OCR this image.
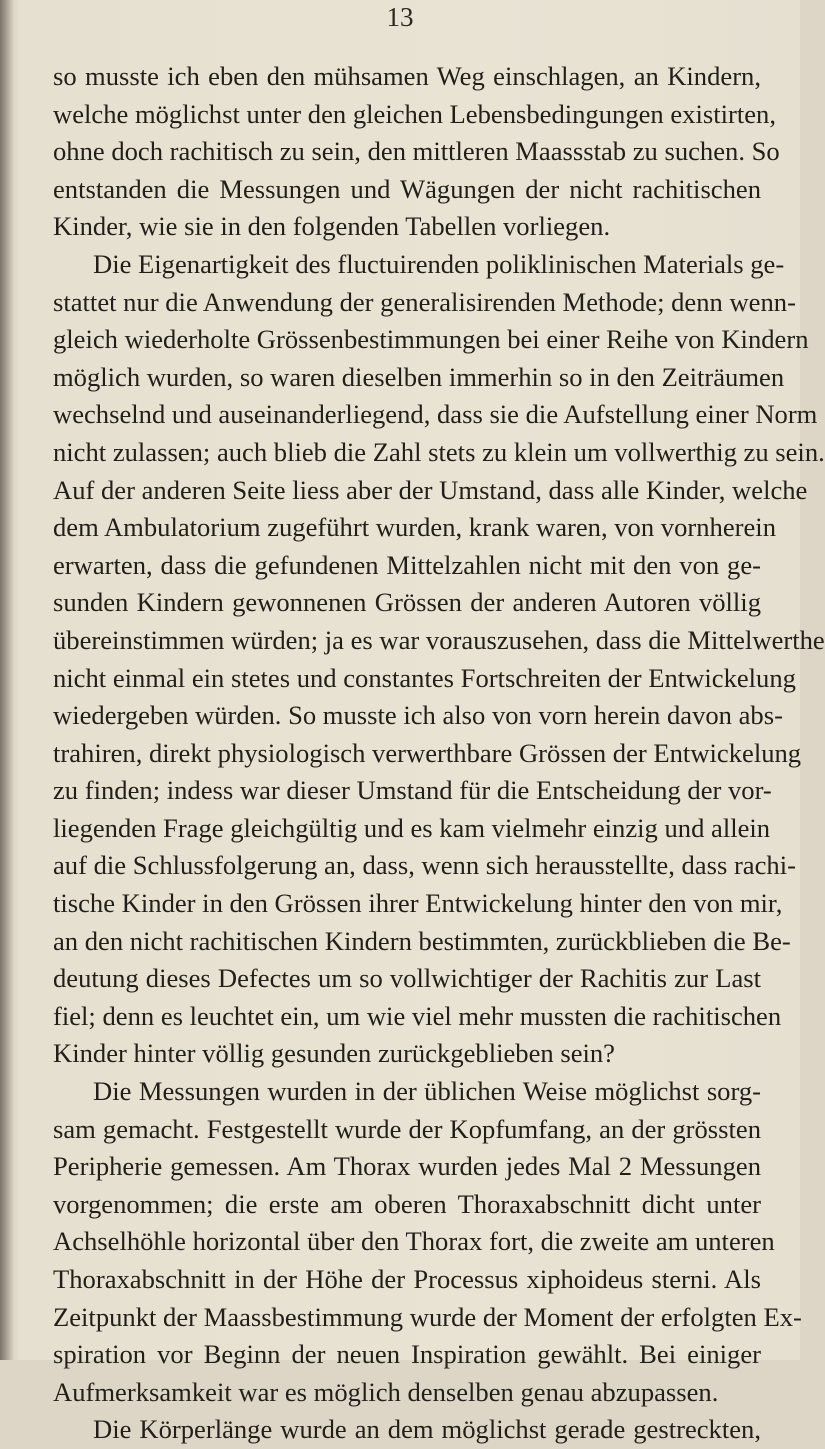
13
so musste ich eben den mühsamen Weg einschlagen, an Kindern,
welche möglichst unter den gleichen Lebensbedingungen existirten,
ohne doch rachitisch zu sein, den mittleren Maassstab zu suchen. So
entstanden die Messungen und Wägungen der nicht rachitischen
Kinder, wie sie in den folgenden Tabellen vorliegen.
Die Eigenartigkeit des fluctuirenden poliklinischen Materials ge-
stattet nur die Anwendung der generalisirenden Methode; denn wenn-
gleich wiederholte Grössenbestimmungen bei einer Reihe von Kindern
möglich wurden, so waren dieselben immerhin so in den Zeiträumen
wechselnd und auseinanderliegend, dass sie die Aufstellung einer Norm
nicht zulassen; auch blieb die Zahl stets zu klein um vollwerthig zu sein.
Auf der anderen Seite liess aber der Umstand, dass alle Kinder, welche
dem Ambulatorium zugeführt wurden, krank waren, von vornherein
erwarten, dass die gefundenen Mittelzahlen nicht mit den von ge-
sunden Kindern gewonnenen Grössen der anderen Autoren völlig
übereinstimmen würden; ja es war vorauszusehen, dass die Mittelwerthe
nicht einmal ein stetes und constantes Fortschreiten der Entwickelung
wiedergeben würden. So musste ich also von vorn herein davon abs-
trahiren, direkt physiologisch verwerthbare Grössen der Entwickelung
zu finden; indess war dieser Umstand für die Entscheidung der vor-
liegenden Frage gleichgültig und es kam vielmehr einzig und allein
auf die Schlussfolgerung an, dass, wenn sich herausstellte, dass rachi-
tische Kinder in den Grössen ihrer Entwickelung hinter den von mir,
an den nicht rachitischen Kindern bestimmten, zurückblieben die Be-
deutung dieses Defectes um so vollwichtiger der Rachitis zur Last
fiel; denn es leuchtet ein, um wie viel mehr mussten die rachitischen
Kinder hinter völlig gesunden zurückgeblieben sein?
Die Messungen wurden in der üblichen Weise möglichst sorg-
sam gemacht. Festgestellt wurde der Kopfumfang, an der grössten
Peripherie gemessen. Am Thorax wurden jedes Mal 2 Messungen
vorgenommen; die erste am oberen Thoraxabschnitt dicht unter
Achselhöhle horizontal über den Thorax fort, die zweite am unteren
Thoraxabschnitt in der Höhe der Processus xiphoideus sterni. Als
Zeitpunkt der Maassbestimmung wurde der Moment der erfolgten Ex-
spiration vor Beginn der neuen Inspiration gewählt. Bei einiger
Aufmerksamkeit war es möglich denselben genau abzupassen.
Die Körperlänge wurde an dem möglichst gerade gestreckten,
